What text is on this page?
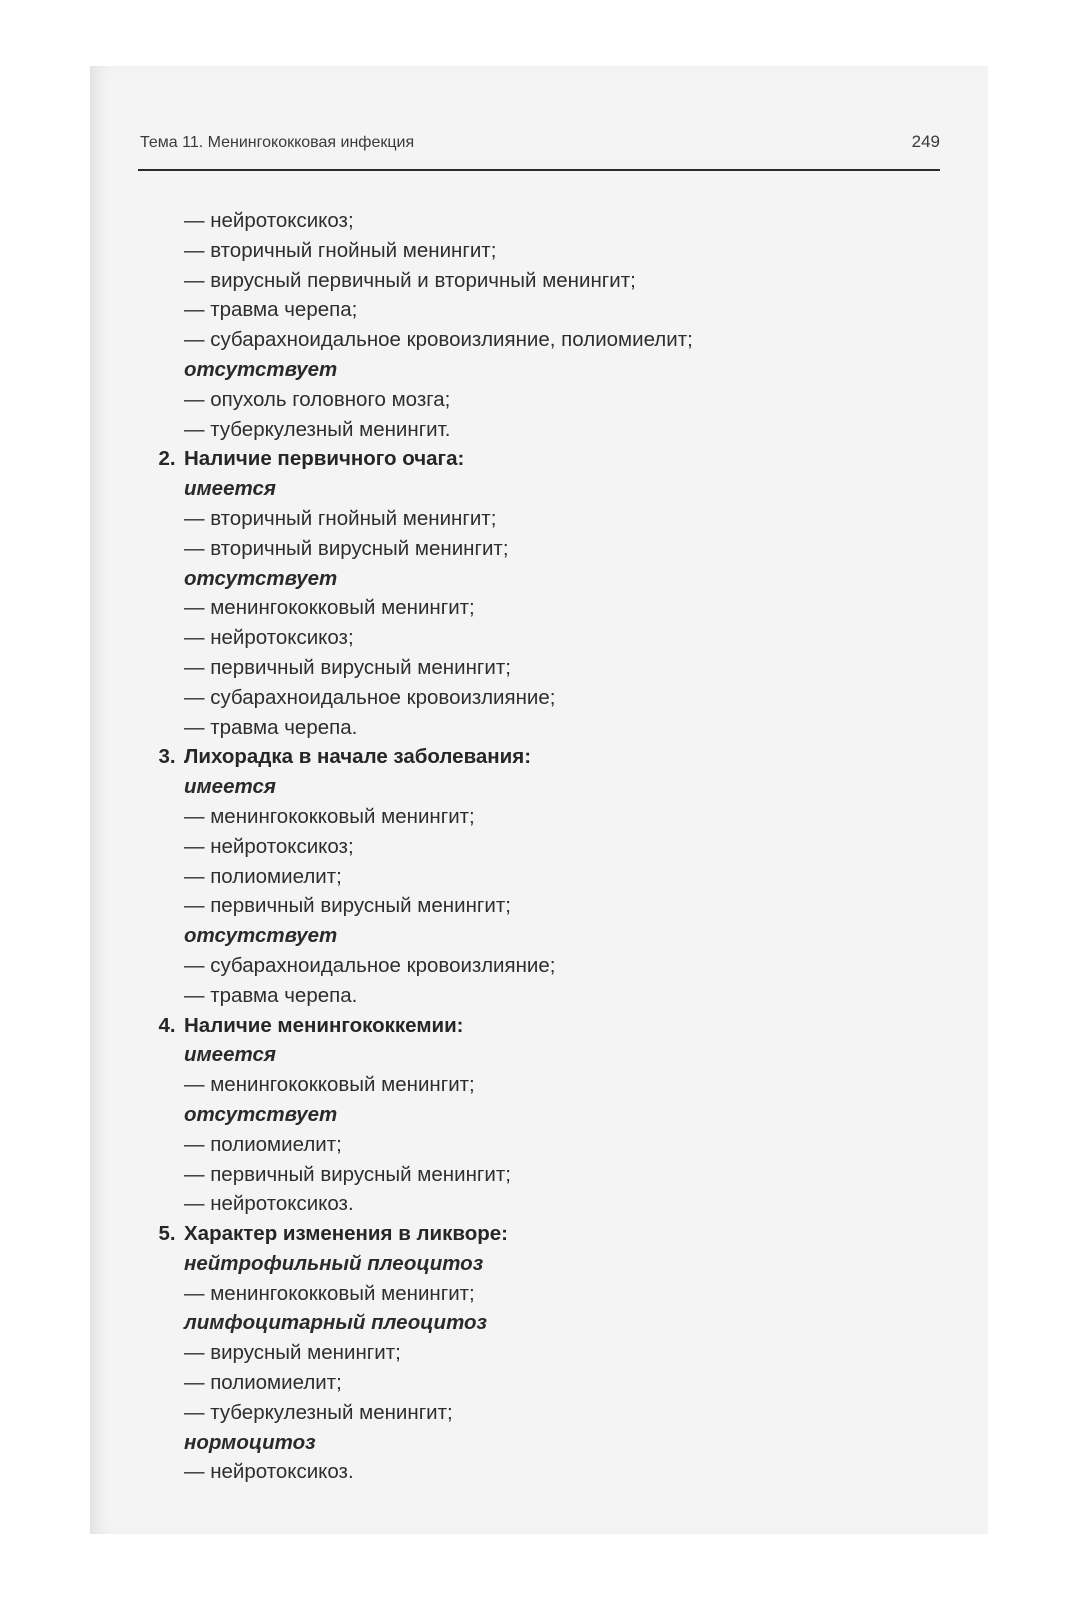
Тема 11. Менингококковая инфекция	249
— нейротоксикоз;
— вторичный гнойный менингит;
— вирусный первичный и вторичный менингит;
— травма черепа;
— субарахноидальное кровоизлияние, полиомиелит;
отсутствует
— опухоль головного мозга;
— туберкулезный менингит.
2. Наличие первичного очага:
имеется
— вторичный гнойный менингит;
— вторичный вирусный менингит;
отсутствует
— менингококковый менингит;
— нейротоксикоз;
— первичный вирусный менингит;
— субарахноидальное кровоизлияние;
— травма черепа.
3. Лихорадка в начале заболевания:
имеется
— менингококковый менингит;
— нейротоксикоз;
— полиомиелит;
— первичный вирусный менингит;
отсутствует
— субарахноидальное кровоизлияние;
— травма черепа.
4. Наличие менингококкемии:
имеется
— менингококковый менингит;
отсутствует
— полиомиелит;
— первичный вирусный менингит;
— нейротоксикоз.
5. Характер изменения в ликворе:
нейтрофильный плеоцитоз
— менингококковый менингит;
лимфоцитарный плеоцитоз
— вирусный менингит;
— полиомиелит;
— туберкулезный менингит;
нормоцитоз
— нейротоксикоз.
